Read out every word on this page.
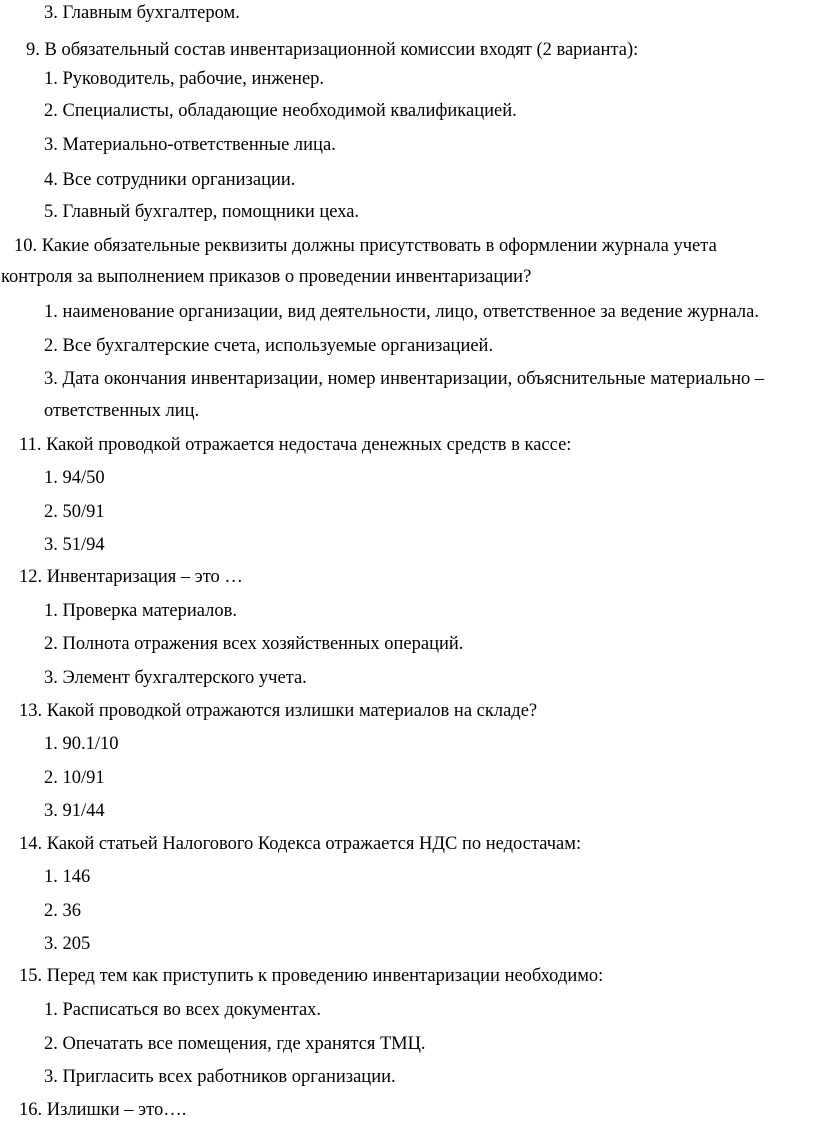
3. Главным бухгалтером.
9. В обязательный состав инвентаризационной комиссии входят (2 варианта):
1. Руководитель, рабочие, инженер.
2. Специалисты, обладающие необходимой квалификацией.
3. Материально-ответственные лица.
4. Все сотрудники организации.
5. Главный бухгалтер, помощники цеха.
10. Какие обязательные реквизиты должны присутствовать в оформлении журнала учета
контроля за выполнением приказов о проведении инвентаризации?
1. наименование организации, вид деятельности, лицо, ответственное за ведение журнала.
2. Все бухгалтерские счета, используемые организацией.
3. Дата окончания инвентаризации, номер инвентаризации, объяснительные материально –
ответственных лиц.
11. Какой проводкой отражается недостача денежных средств в кассе:
1. 94/50
2. 50/91
3. 51/94
12. Инвентаризация – это …
1. Проверка материалов.
2. Полнота отражения всех хозяйственных операций.
3. Элемент бухгалтерского учета.
13. Какой проводкой отражаются излишки материалов на складе?
1. 90.1/10
2. 10/91
3. 91/44
14. Какой статьей Налогового Кодекса отражается НДС по недостачам:
1. 146
2. 36
3. 205
15. Перед тем как приступить к проведению инвентаризации необходимо:
1. Расписаться во всех документах.
2. Опечатать все помещения, где хранятся ТМЦ.
3. Пригласить всех работников организации.
16. Излишки – это….
